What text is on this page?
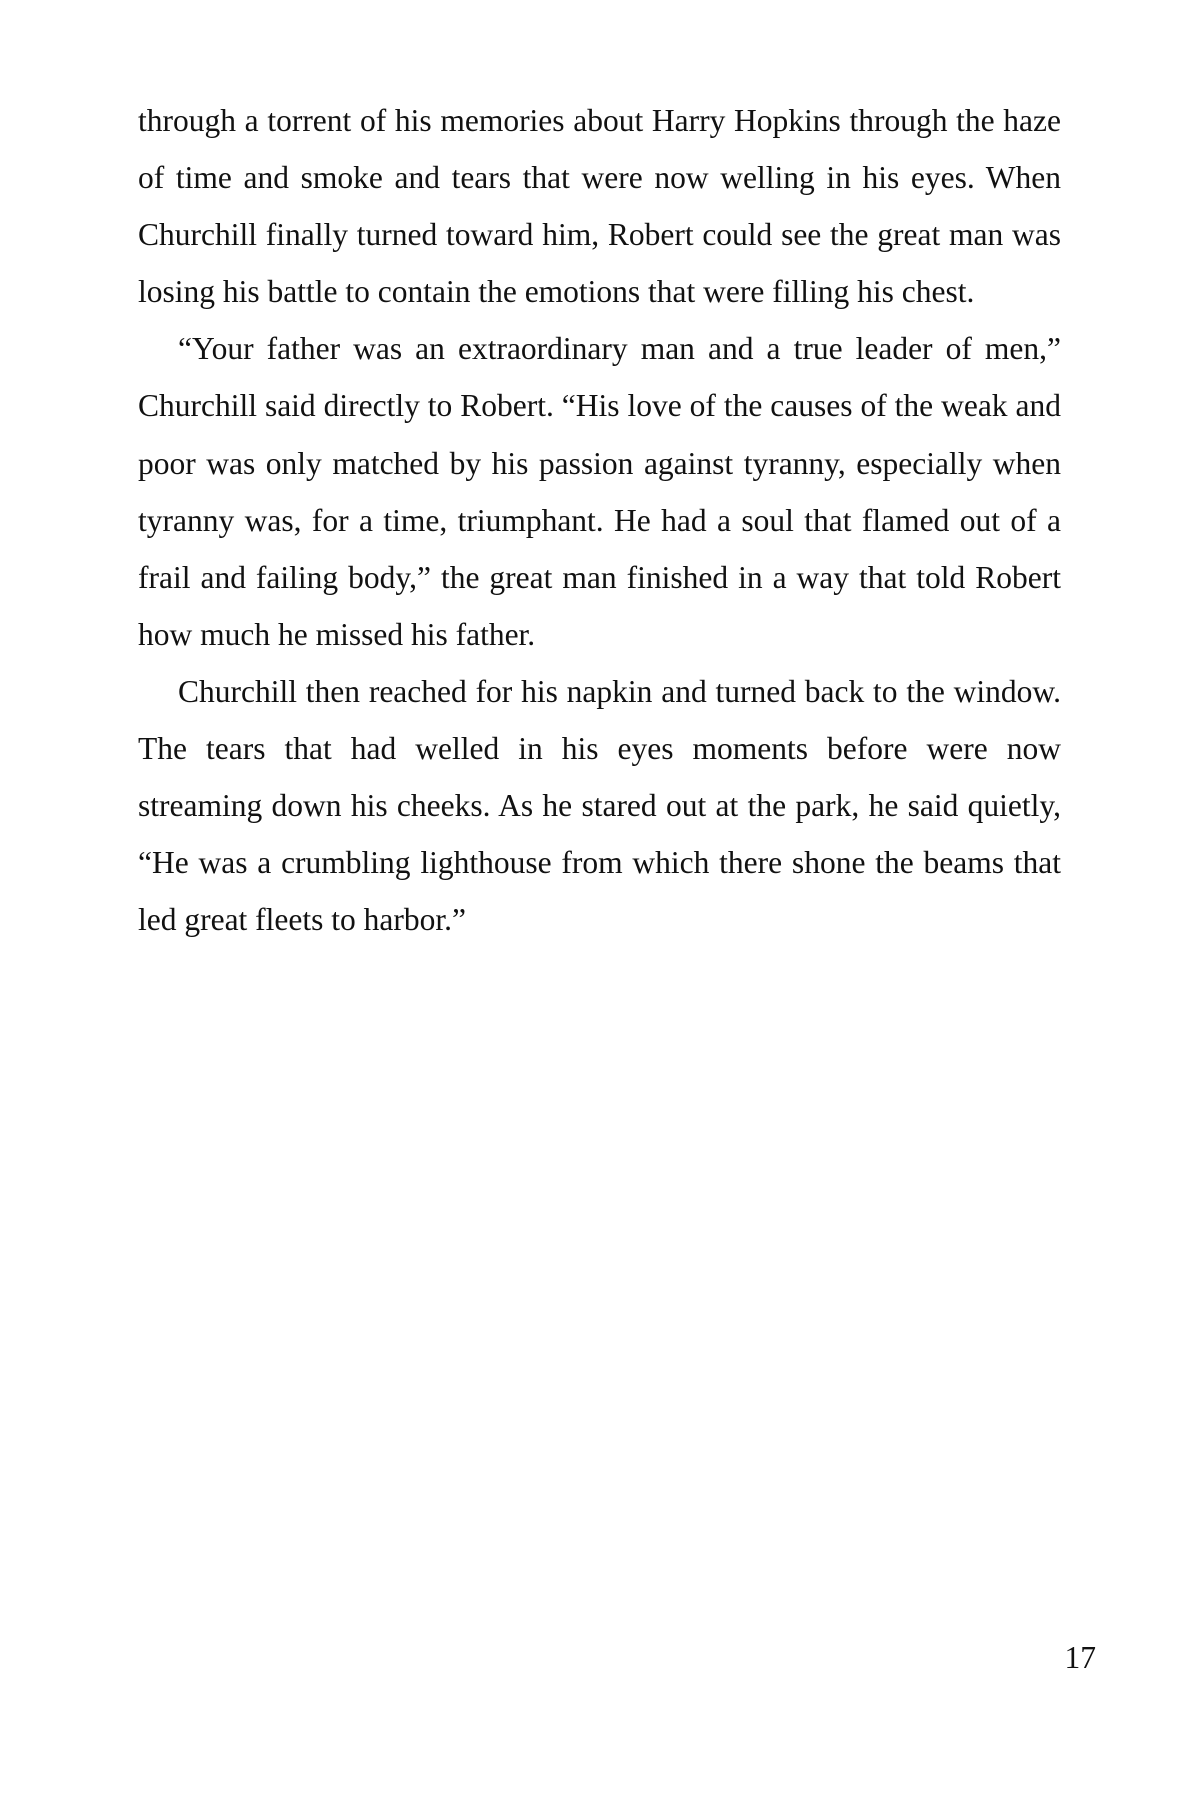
through a torrent of his memories about Harry Hopkins through the haze of time and smoke and tears that were now welling in his eyes. When Churchill finally turned toward him, Robert could see the great man was losing his battle to contain the emotions that were filling his chest.

“Your father was an extraordinary man and a true leader of men,” Churchill said directly to Robert. “His love of the causes of the weak and poor was only matched by his passion against tyranny, especially when tyranny was, for a time, triumphant. He had a soul that flamed out of a frail and failing body,” the great man finished in a way that told Robert how much he missed his father.

Churchill then reached for his napkin and turned back to the window. The tears that had welled in his eyes moments before were now streaming down his cheeks. As he stared out at the park, he said quietly, “He was a crumbling lighthouse from which there shone the beams that led great fleets to harbor.”

17
